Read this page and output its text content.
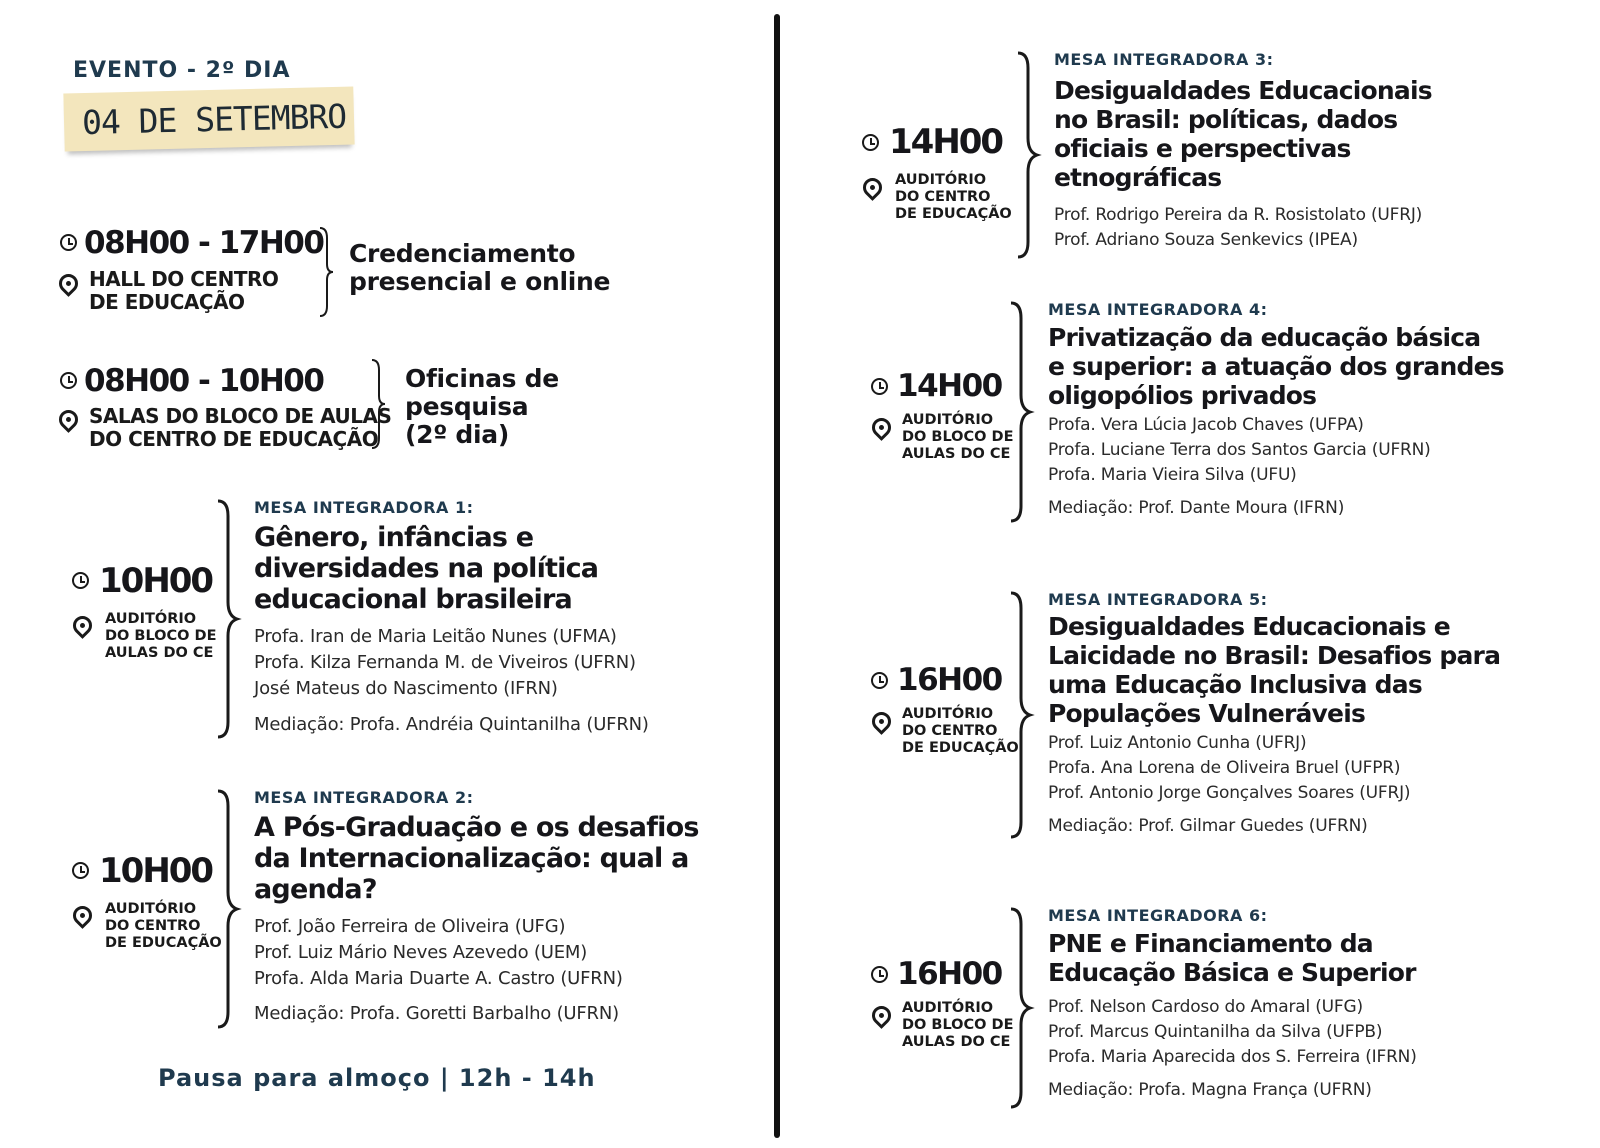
EVENTO - 2º DIA
04 DE SETEMBRO
08H00 - 17H00
HALL DO CENTRO
DE EDUCAÇÃO
Credenciamento
presencial e online
08H00 - 10H00
SALAS DO BLOCO DE AULAS
DO CENTRO DE EDUCAÇÃO
Oficinas de
pesquisa
(2º dia)
10H00
AUDITÓRIO
DO BLOCO DE
AULAS DO CE
MESA INTEGRADORA 1:
Gênero, infâncias e
diversidades na política
educacional brasileira
Profa. Iran de Maria Leitão Nunes (UFMA)
Profa. Kilza Fernanda M. de Viveiros (UFRN)
José Mateus do Nascimento (IFRN)
Mediação: Profa. Andréia Quintanilha (UFRN)
10H00
AUDITÓRIO
DO CENTRO
DE EDUCAÇÃO
MESA INTEGRADORA 2:
A Pós-Graduação e os desafios
da Internacionalização: qual a
agenda?
Prof. João Ferreira de Oliveira (UFG)
Prof. Luiz Mário Neves Azevedo (UEM)
Profa. Alda Maria Duarte A. Castro (UFRN)
Mediação: Profa. Goretti Barbalho (UFRN)
Pausa para almoço | 12h - 14h
14H00
AUDITÓRIO
DO CENTRO
DE EDUCAÇÃO
MESA INTEGRADORA 3:
Desigualdades Educacionais
no Brasil: políticas, dados
oficiais e perspectivas
etnográficas
Prof. Rodrigo Pereira da R. Rosistolato (UFRJ)
Prof. Adriano Souza Senkevics (IPEA)
14H00
AUDITÓRIO
DO BLOCO DE
AULAS DO CE
MESA INTEGRADORA 4:
Privatização da educação básica
e superior: a atuação dos grandes
oligopólios privados
Profa. Vera Lúcia Jacob Chaves (UFPA)
Profa. Luciane Terra dos Santos Garcia (UFRN)
Profa. Maria Vieira Silva (UFU)
Mediação: Prof. Dante Moura (IFRN)
16H00
AUDITÓRIO
DO CENTRO
DE EDUCAÇÃO
MESA INTEGRADORA 5:
Desigualdades Educacionais e
Laicidade no Brasil: Desafios para
uma Educação Inclusiva das
Populações Vulneráveis
Prof. Luiz Antonio Cunha (UFRJ)
Profa. Ana Lorena de Oliveira Bruel (UFPR)
Prof. Antonio Jorge Gonçalves Soares (UFRJ)
Mediação: Prof. Gilmar Guedes (UFRN)
16H00
AUDITÓRIO
DO BLOCO DE
AULAS DO CE
MESA INTEGRADORA 6:
PNE e Financiamento da
Educação Básica e Superior
Prof. Nelson Cardoso do Amaral (UFG)
Prof. Marcus Quintanilha da Silva (UFPB)
Profa. Maria Aparecida dos S. Ferreira (IFRN)
Mediação: Profa. Magna França (UFRN)
